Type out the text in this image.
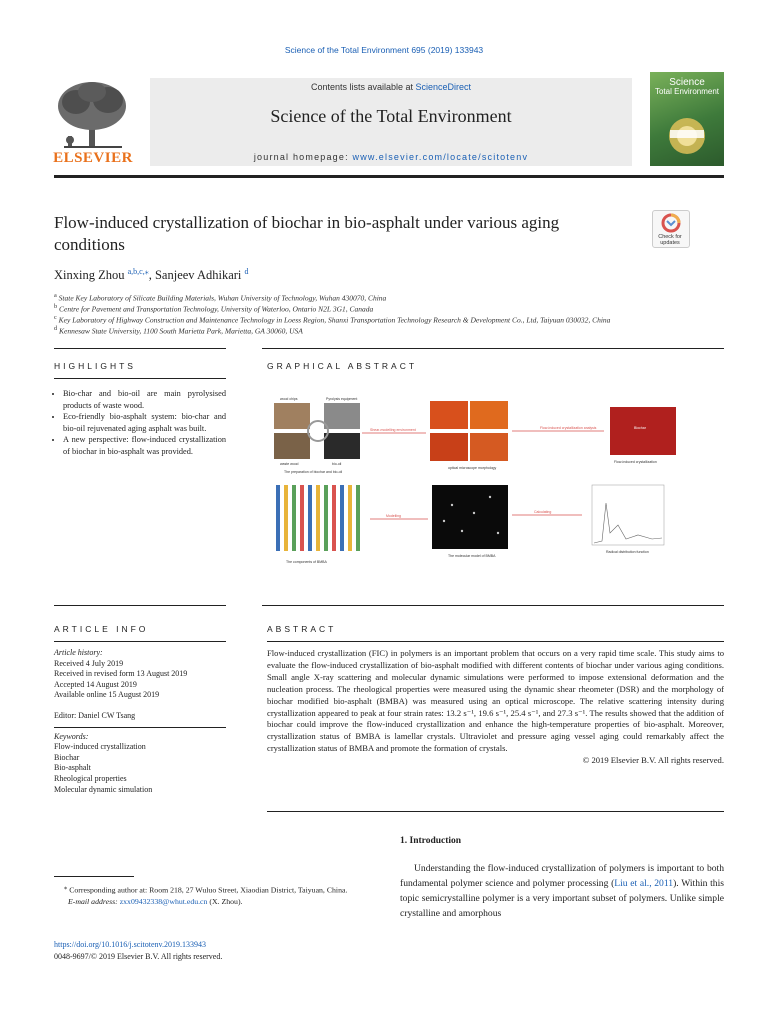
Science of the Total Environment 695 (2019) 133943
ELSEVIER
Contents lists available at ScienceDirect
Science of the Total Environment
journal homepage: www.elsevier.com/locate/scitotenv
Science
Total Environment
Flow-induced crystallization of biochar in bio-asphalt under various aging conditions	Check for
updates
Xinxing Zhou $^{a,b,c,⁎}$, Sanjeev Adhikari $^d$
$^a$ State Key Laboratory of Silicate Building Materials, Wuhan University of Technology, Wuhan 430070, China
$^b$ Centre for Pavement and Transportation Technology, University of Waterloo, Ontario N2L 3G1, Canada
$^c$ Key Laboratory of Highway Construction and Maintenance Technology in Loess Region, Shanxi Transportation Technology Research & Development Co., Ltd, Taiyuan 030032, China
$^d$ Kennesaw State University, 1100 South Marietta Park, Marietta, GA 30060, USA
HIGHLIGHTS	GRAPHICAL ABSTRACT
• Bio-char and bio-oil are main pyrolysised products of waste wood.
• Eco-friendly bio-asphalt system: bio-char and bio-oil rejuvenated aging asphalt was built.
• A new perspective: flow-induced crystallization of biochar in bio-asphalt was provided.
wood chips	Pyrolysis equipment
waste wood	bio-oil
The preparation of biochar and bio-oil
Shear-modelling environment
optical microscope morphology
Flow-induced crystallization analysis	Biochar
Flow-induced crystallization
The components of BMBA
Modelling
The molecular model of BMBA
Calculating
Radical distribution function
ARTICLE INFO	ABSTRACT
Article history:
Received 4 July 2019
Received in revised form 13 August 2019
Accepted 14 August 2019
Available online 15 August 2019
Editor: Daniel CW Tsang
Keywords:
Flow-induced crystallization
Biochar
Bio-asphalt
Rheological properties
Molecular dynamic simulation
Flow-induced crystallization (FIC) in polymers is an important problem that occurs on a very rapid time scale. This study aims to evaluate the flow-induced crystallization of bio-asphalt modified with different contents of biochar under various aging conditions. Small angle X-ray scattering and molecular dynamic simulations were performed to impose extensional deformation and the nucleation process. The rheological properties were measured using the dynamic shear rheometer (DSR) and the morphology of biochar modified bio-asphalt (BMBA) was measured using an optical microscope. The relative scattering intensity during crystallization appeared to peak at four strain rates: 13.2 s⁻¹, 19.6 s⁻¹, 25.4 s⁻¹, and 27.3 s⁻¹. The results showed that the addition of biochar could improve the flow-induced crystallization and enhance the high-temperature properties of bio-asphalt. Moreover, crystallization status of BMBA is lamellar crystals. Ultraviolet and pressure aging vessel aging could remarkably affect the crystallization status of BMBA and promote the formation of crystals.
© 2019 Elsevier B.V. All rights reserved.
1. Introduction
Understanding the flow-induced crystallization of polymers is important to both fundamental polymer science and polymer processing (Liu et al., 2011). Within this topic semicrystalline polymer is a very important subset of polymers. Unlike simple crystalline and amorphous
⁎ Corresponding author at: Room 218, 27 Wuluo Street, Xiaodian District, Taiyuan, China.
E-mail address: zxx09432338@whut.edu.cn (X. Zhou).
https://doi.org/10.1016/j.scitotenv.2019.133943
0048-9697/© 2019 Elsevier B.V. All rights reserved.
